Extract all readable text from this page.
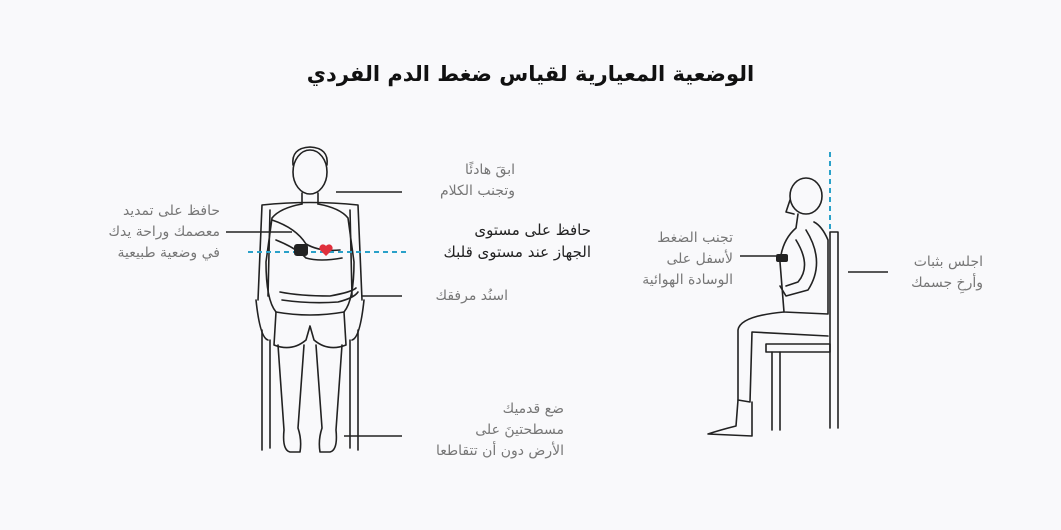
الوضعية المعيارية لقياس ضغط الدم الفردي
ابقَ هادئًا
وتجنب الكلام
حافظ على مستوى
الجهاز عند مستوى قلبك
اسنُد مرفقك
ضع قدميك
مسطحتينَ على
الأرض دون أن تتقاطعا
حافظ على تمديد
معصمك وراحة يدك
في وضعية طبيعية
تجنب الضغط
لأسفل على
الوسادة الهوائية
اجلس بثبات
وأرخِ جسمك
